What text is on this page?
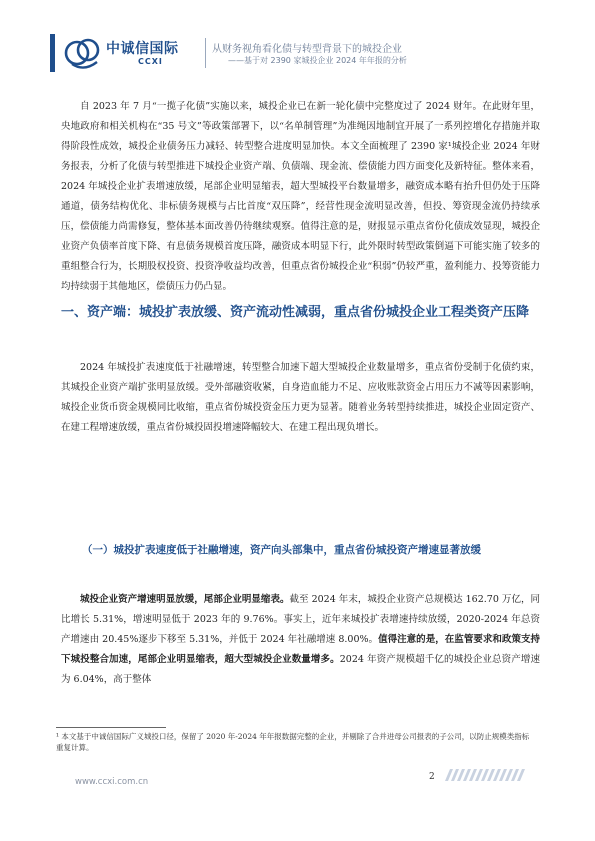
中诚信国际
CCXI
从财务视角看化债与转型背景下的城投企业
——基于对 2390 家城投企业 2024 年年报的分析

自 2023 年 7 月“一揽子化债”实施以来，城投企业已在新一轮化债中完整度过了 2024 财年。在此财年里，央地政府和相关机构在“35 号文”等政策部署下，以“名单制管理”为准绳因地制宜开展了一系列控增化存措施并取得阶段性成效，城投企业债务压力减轻、转型整合进度明显加快。本文全面梳理了 2390 家¹城投企业 2024 年财务报表，分析了化债与转型推进下城投企业资产端、负债端、现金流、偿债能力四方面变化及新特征。整体来看，2024 年城投企业扩表增速放缓，尾部企业明显缩表，超大型城投平台数量增多，融资成本略有抬升但仍处于压降通道，债务结构优化、非标债务规模与占比首度“双压降”，经营性现金流明显改善，但投、筹资现金流仍持续承压，偿债能力尚需修复，整体基本面改善仍待继续观察。值得注意的是，财报显示重点省份化债成效显现，城投企业资产负债率首度下降、有息债务规模首度压降，融资成本明显下行，此外限时转型政策倒逼下可能实施了较多的重组整合行为，长期股权投资、投资净收益均改善，但重点省份城投企业“积弱”仍较严重，盈利能力、投筹资能力均持续弱于其他地区，偿债压力仍凸显。

一、 资产端：城投扩表放缓、资产流动性减弱，重点省份城投企业工程类资产压降

2024 年城投扩表速度低于社融增速，转型整合加速下超大型城投企业数量增多，重点省份受制于化债约束，其城投企业资产端扩张明显放缓。受外部融资收紧，自身造血能力不足、应收账款资金占用压力不减等因素影响，城投企业货币资金规模同比收缩，重点省份城投资金压力更为显著。随着业务转型持续推进，城投企业固定资产、在建工程增速放缓，重点省份城投固投增速降幅较大、在建工程出现负增长。

（一）城投扩表速度低于社融增速，资产向头部集中，重点省份城投资产增速显著放缓

城投企业资产增速明显放缓，尾部企业明显缩表。截至 2024 年末，城投企业资产总规模达 162.70 万亿，同比增长 5.31%，增速明显低于 2023 年的 9.76%。事实上，近年来城投扩表增速持续放缓，2020-2024 年总资产增速由 20.45%逐步下移至 5.31%，并低于 2024 年社融增速 8.00%。值得注意的是，在监管要求和政策支持下城投整合加速，尾部企业明显缩表，超大型城投企业数量增多。2024 年资产规模超千亿的城投企业总资产增速为 6.04%，高于整体

¹ 本文基于中诚信国际广义城投口径，保留了 2020 年-2024 年年报数据完整的企业，并剔除了合并进母公司报表的子公司，以防止规模类指标重复计算。
www.ccxi.com.cn	2
